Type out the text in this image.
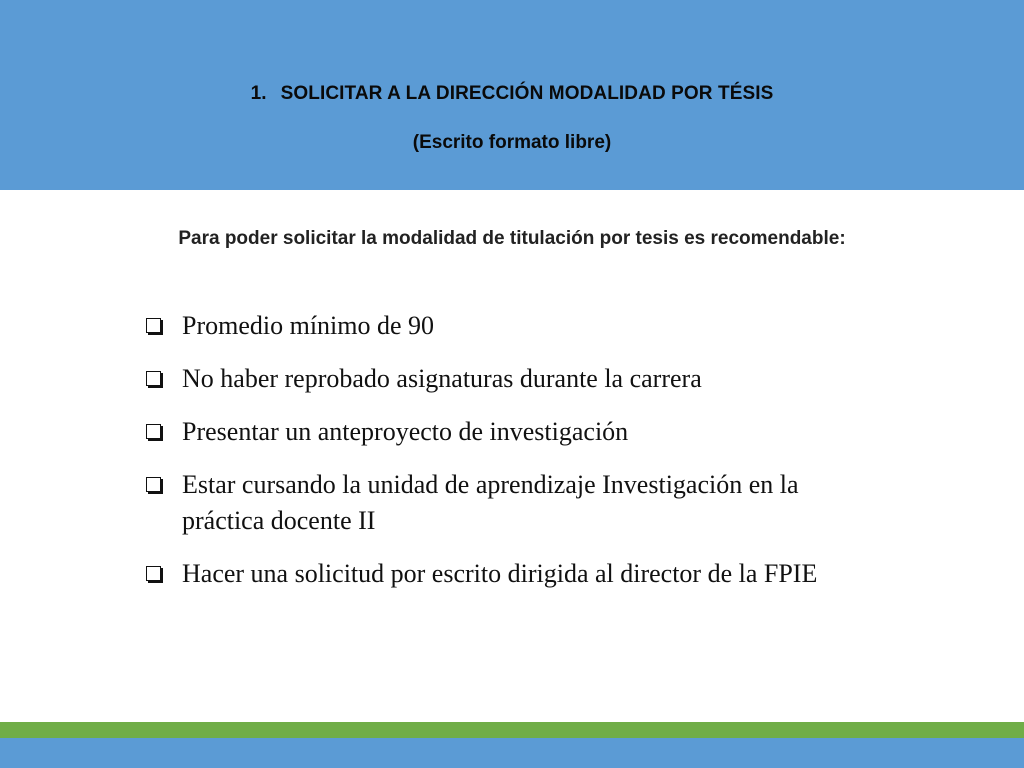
1. SOLICITAR A LA DIRECCIÓN MODALIDAD POR TÉSIS
(Escrito formato libre)
Para poder solicitar la modalidad de titulación por tesis es recomendable:
Promedio mínimo de 90
No haber reprobado asignaturas durante la carrera
Presentar un anteproyecto de investigación
Estar cursando la unidad de aprendizaje Investigación en la práctica docente II
Hacer una solicitud por escrito dirigida al director de la FPIE
